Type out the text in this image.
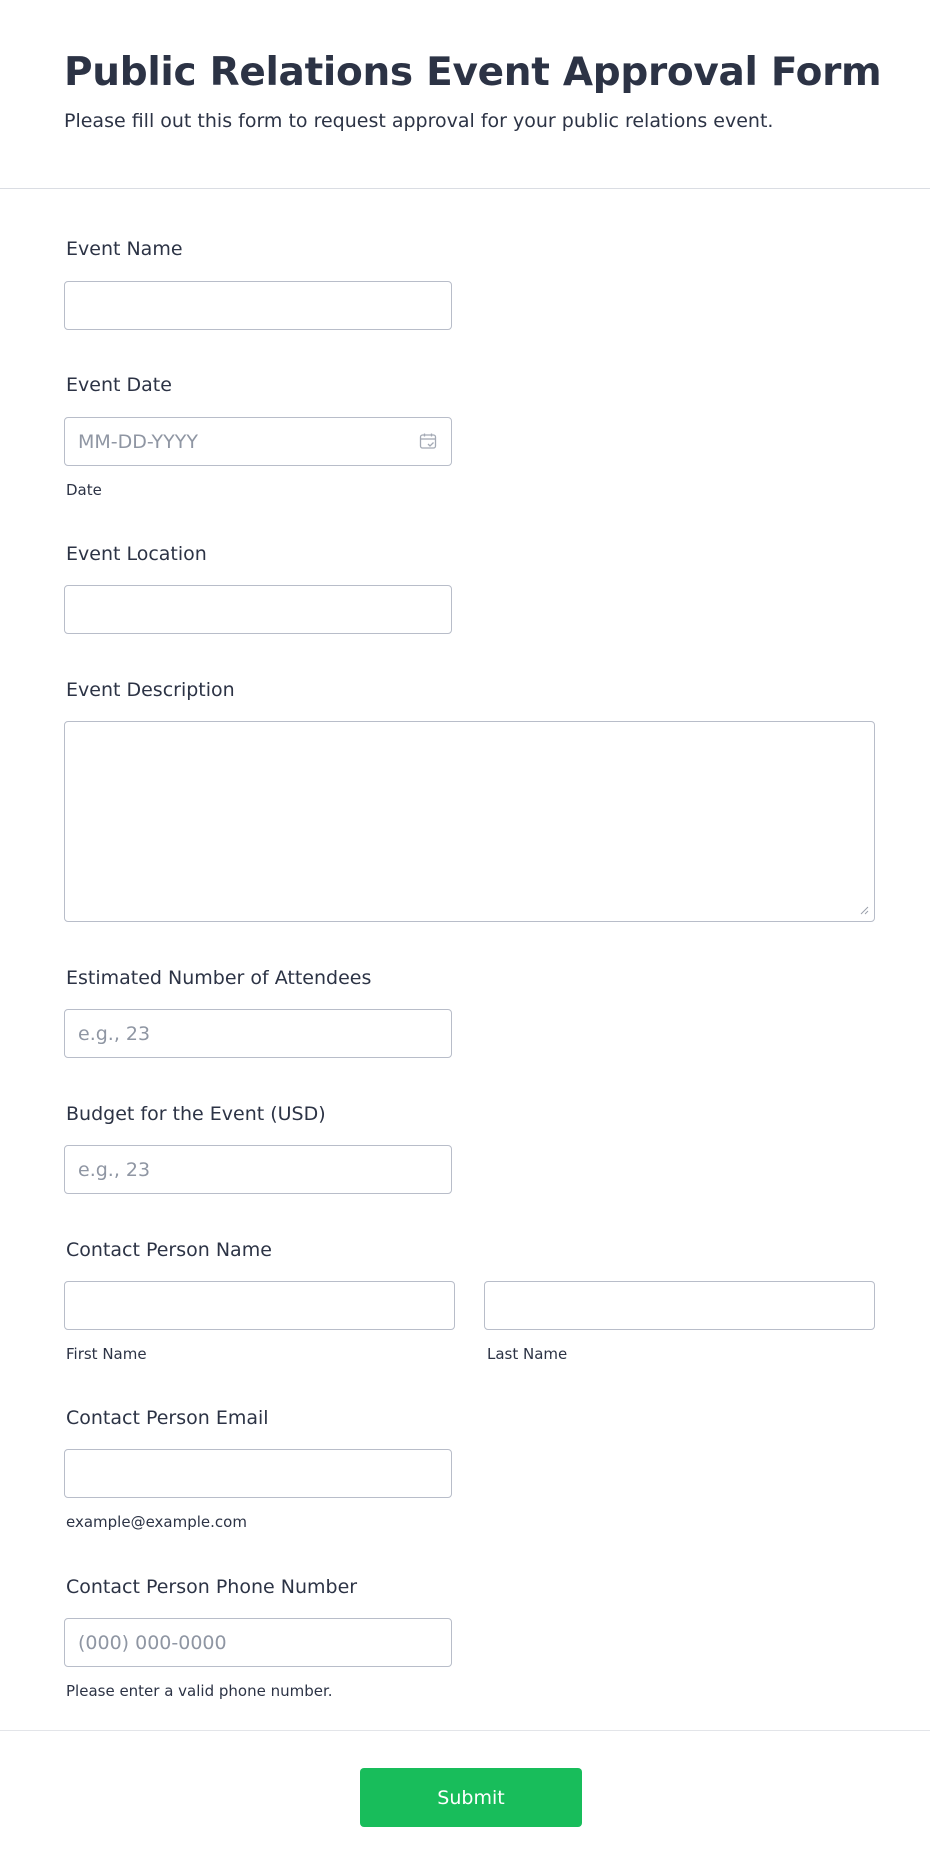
Public Relations Event Approval Form

Please fill out this form to request approval for your public relations event.

Event Name
Event Date
MM-DD-YYYY
Date
Event Location
Event Description
Estimated Number of Attendees
e.g., 23
Budget for the Event (USD)
e.g., 23
Contact Person Name
First Name	Last Name
Contact Person Email
example@example.com
Contact Person Phone Number
(000) 000-0000
Please enter a valid phone number.
Submit
